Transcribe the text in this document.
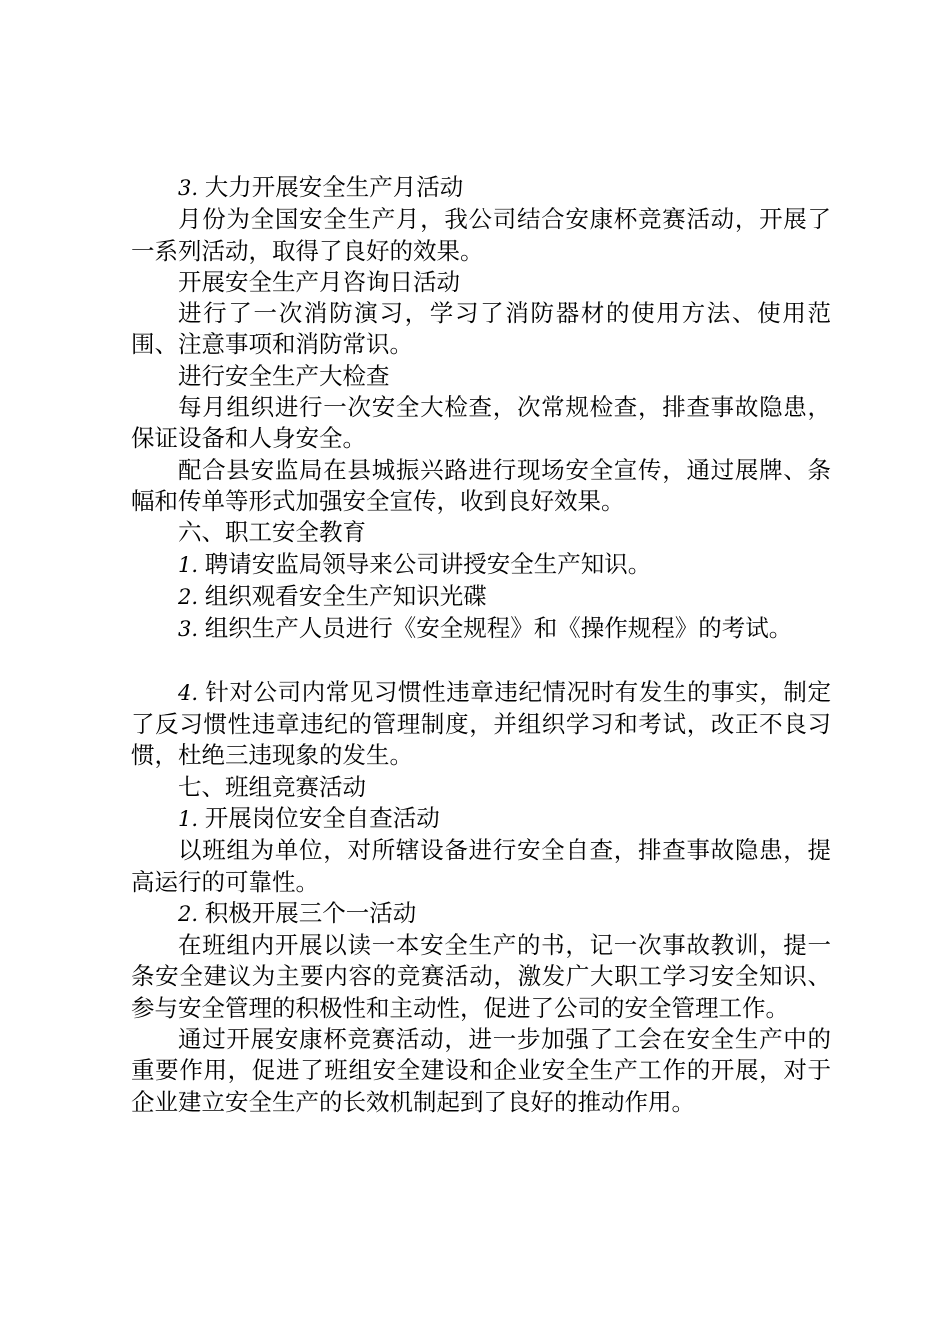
3. 大力开展安全生产月活动

月份为全国安全生产月，我公司结合安康杯竞赛活动，开展了一系列活动，取得了良好的效果。

开展安全生产月咨询日活动

进行了一次消防演习，学习了消防器材的使用方法、使用范围、注意事项和消防常识。

进行安全生产大检查

每月组织进行一次安全大检查，次常规检查，排查事故隐患，保证设备和人身安全。

配合县安监局在县城振兴路进行现场安全宣传，通过展牌、条幅和传单等形式加强安全宣传，收到良好效果。

六、职工安全教育

1. 聘请安监局领导来公司讲授安全生产知识。

2. 组织观看安全生产知识光碟

3. 组织生产人员进行《安全规程》和《操作规程》的考试。

4. 针对公司内常见习惯性违章违纪情况时有发生的事实，制定了反习惯性违章违纪的管理制度，并组织学习和考试，改正不良习惯，杜绝三违现象的发生。

七、班组竞赛活动

1. 开展岗位安全自查活动

以班组为单位，对所辖设备进行安全自查，排查事故隐患，提高运行的可靠性。

2. 积极开展三个一活动

在班组内开展以读一本安全生产的书，记一次事故教训，提一条安全建议为主要内容的竞赛活动，激发广大职工学习安全知识、参与安全管理的积极性和主动性，促进了公司的安全管理工作。

通过开展安康杯竞赛活动，进一步加强了工会在安全生产中的重要作用，促进了班组安全建设和企业安全生产工作的开展，对于企业建立安全生产的长效机制起到了良好的推动作用。
